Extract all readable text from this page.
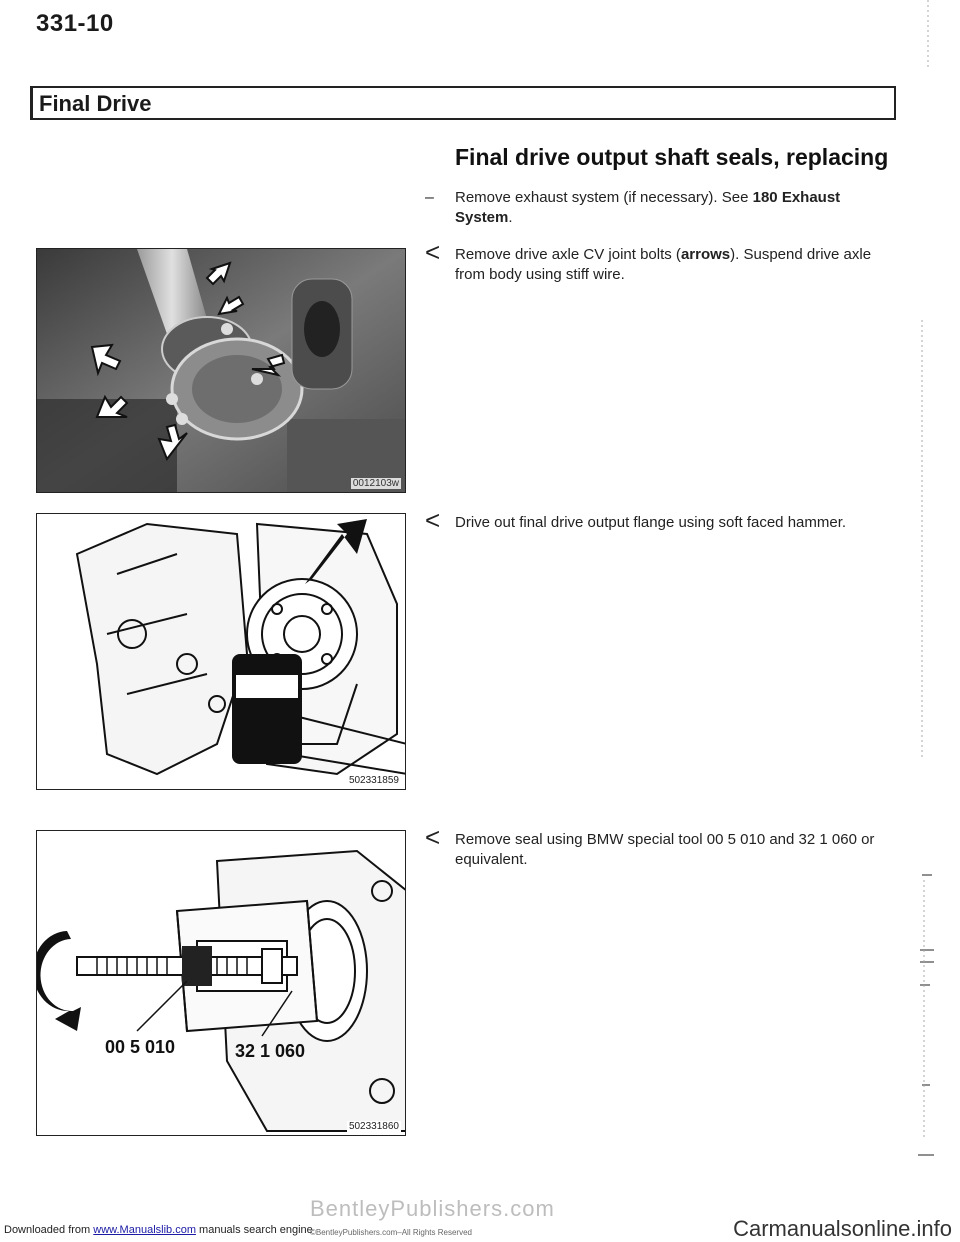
331-10
Final Drive
Final drive output shaft seals, replacing
– Remove exhaust system (if necessary). See 180 Exhaust System.
< Remove drive axle CV joint bolts (arrows). Suspend drive axle from body using stiff wire.
< Drive out final drive output flange using soft faced hammer.
< Remove seal using BMW special tool 00 5 010 and 32 1 060 or equivalent.
0012103w
502331859
00 5 010	32 1 060
502331860
BentleyPublishers.com
Downloaded from www.Manualslib.com manuals search engine
©BentleyPublishers.com–All Rights Reserved	Carmanualsonline.info
